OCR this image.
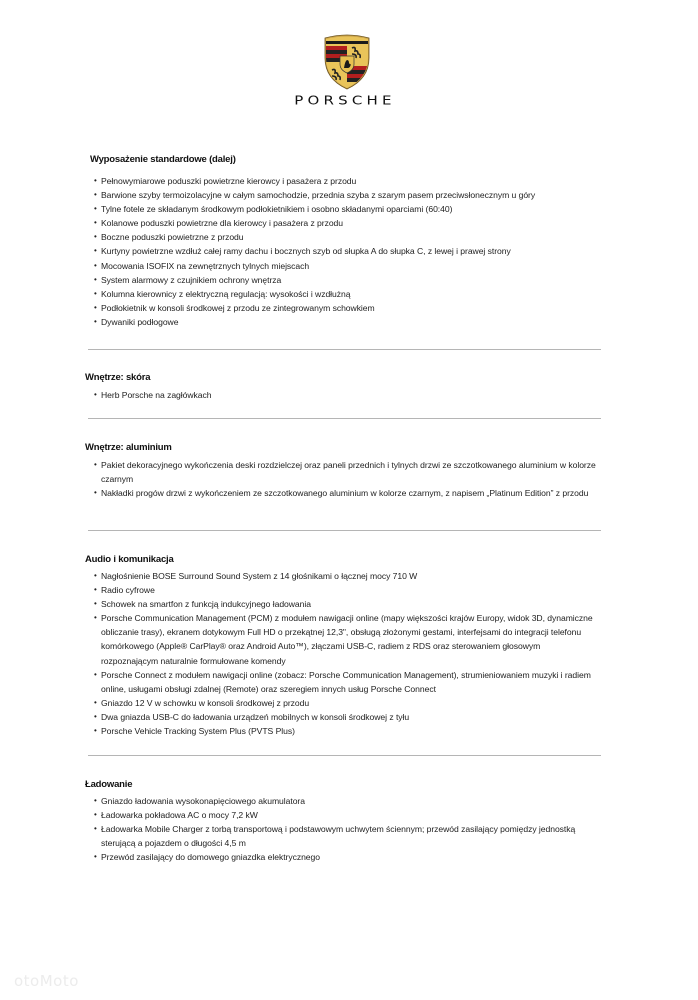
PORSCHE
Wyposażenie standardowe (dalej)
• Pełnowymiarowe poduszki powietrzne kierowcy i pasażera z przodu
• Barwione szyby termoizolacyjne w całym samochodzie, przednia szyba z szarym pasem przeciwsłonecznym u góry
• Tylne fotele ze składanym środkowym podłokietnikiem i osobno składanymi oparciami (60:40)
• Kolanowe poduszki powietrzne dla kierowcy i pasażera z przodu
• Boczne poduszki powietrzne z przodu
• Kurtyny powietrzne wzdłuż całej ramy dachu i bocznych szyb od słupka A do słupka C, z lewej i prawej strony
• Mocowania ISOFIX na zewnętrznych tylnych miejscach
• System alarmowy z czujnikiem ochrony wnętrza
• Kolumna kierownicy z elektryczną regulacją: wysokości i wzdłużną
• Podłokietnik w konsoli środkowej z przodu ze zintegrowanym schowkiem
• Dywaniki podłogowe
Wnętrze: skóra
• Herb Porsche na zagłówkach
Wnętrze: aluminium
• Pakiet dekoracyjnego wykończenia deski rozdzielczej oraz paneli przednich i tylnych drzwi ze szczotkowanego aluminium w kolorze czarnym
• Nakładki progów drzwi z wykończeniem ze szczotkowanego aluminium w kolorze czarnym, z napisem „Platinum Edition” z przodu
Audio i komunikacja
• Nagłośnienie BOSE Surround Sound System z 14 głośnikami o łącznej mocy 710 W
• Radio cyfrowe
• Schowek na smartfon z funkcją indukcyjnego ładowania
• Porsche Communication Management (PCM) z modułem nawigacji online (mapy większości krajów Europy, widok 3D, dynamiczne obliczanie trasy), ekranem dotykowym Full HD o przekątnej 12,3", obsługą złożonymi gestami, interfejsami do integracji telefonu komórkowego (Apple® CarPlay® oraz Android Auto™), złączami USB-C, radiem z RDS oraz sterowaniem głosowym rozpoznającym naturalnie formułowane komendy
• Porsche Connect z modułem nawigacji online (zobacz: Porsche Communication Management), strumieniowaniem muzyki i radiem online, usługami obsługi zdalnej (Remote) oraz szeregiem innych usług Porsche Connect
• Gniazdo 12 V w schowku w konsoli środkowej z przodu
• Dwa gniazda USB-C do ładowania urządzeń mobilnych w konsoli środkowej z tyłu
• Porsche Vehicle Tracking System Plus (PVTS Plus)
Ładowanie
• Gniazdo ładowania wysokonapięciowego akumulatora
• Ładowarka pokładowa AC o mocy 7,2 kW
• Ładowarka Mobile Charger z torbą transportową i podstawowym uchwytem ściennym; przewód zasilający pomiędzy jednostką sterującą a pojazdem o długości 4,5 m
• Przewód zasilający do domowego gniazdka elektrycznego
otoMoto
